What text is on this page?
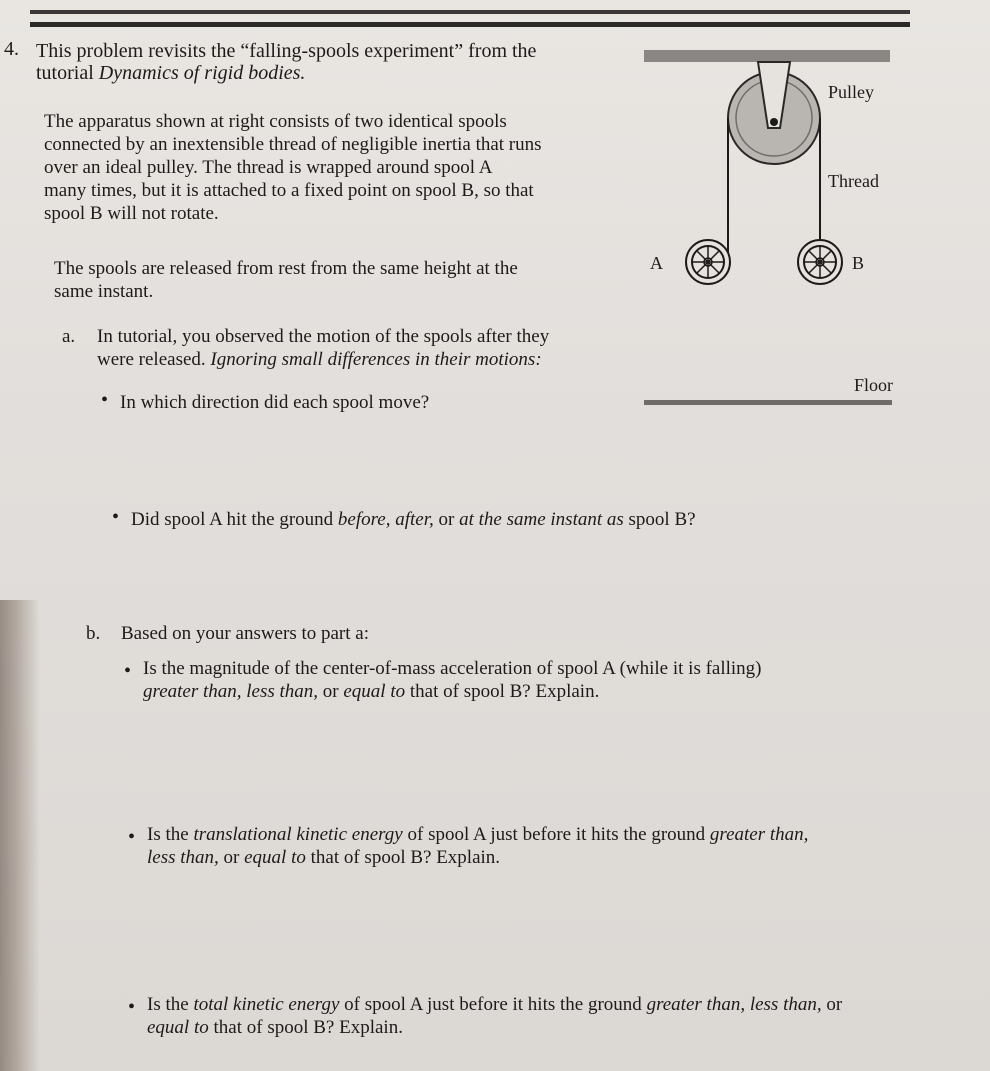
4. This problem revisits the “falling-spools experiment” from the
tutorial Dynamics of rigid bodies.
The apparatus shown at right consists of two identical spools
connected by an inextensible thread of negligible inertia that runs
over an ideal pulley. The thread is wrapped around spool A
many times, but it is attached to a fixed point on spool B, so that
spool B will not rotate.
The spools are released from rest from the same height at the
same instant.
a. In tutorial, you observed the motion of the spools after they
were released. Ignoring small differences in their motions:
• In which direction did each spool move?
• Did spool A hit the ground before, after, or at the same instant as spool B?
b. Based on your answers to part a:
• Is the magnitude of the center-of-mass acceleration of spool A (while it is falling)
greater than, less than, or equal to that of spool B? Explain.
• Is the translational kinetic energy of spool A just before it hits the ground greater than,
less than, or equal to that of spool B? Explain.
• Is the total kinetic energy of spool A just before it hits the ground greater than, less than, or
equal to that of spool B? Explain.
Pulley
Thread
A	B
Floor
